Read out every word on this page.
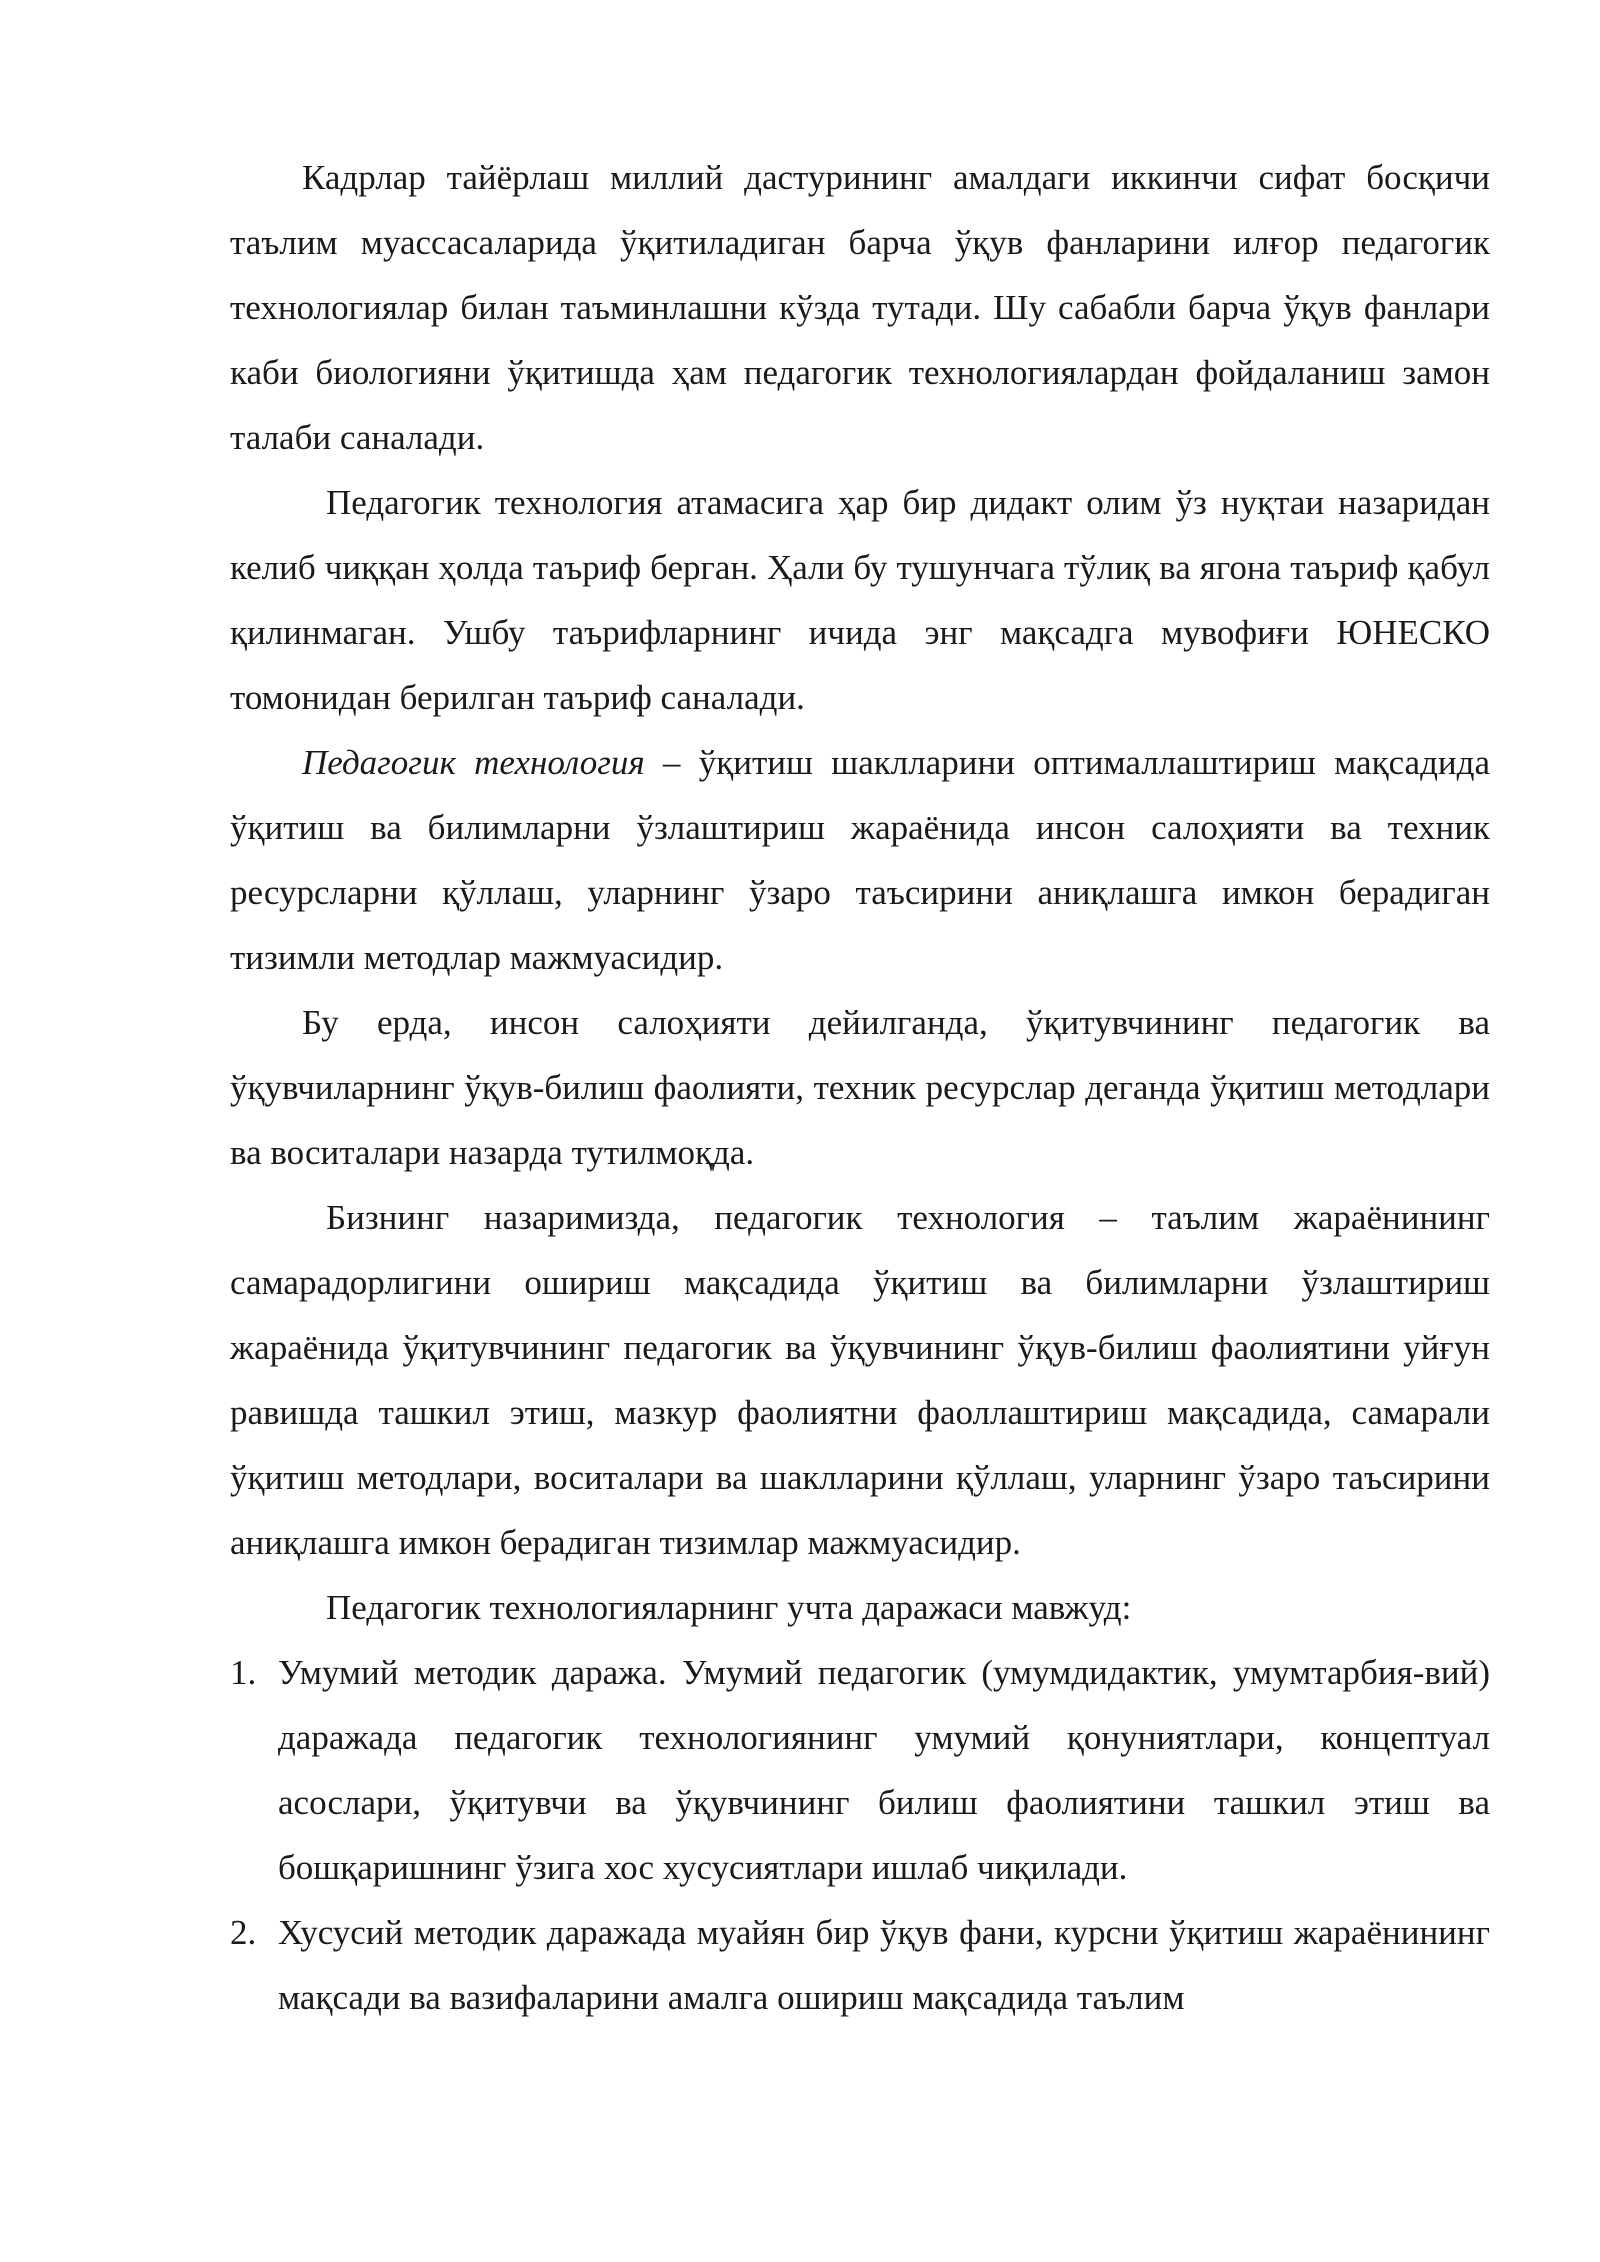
Кадрлар тайёрлаш миллий дастурининг амалдаги иккинчи сифат босқичи таълим муассасаларида ўқитиладиган барча ўқув фанларини илғор педагогик технологиялар билан таъминлашни кўзда тутади. Шу сабабли барча ўқув фанлари каби биологияни ўқитишда ҳам педагогик технологиялардан фойдаланиш замон талаби саналади.

Педагогик технология атамасига ҳар бир дидакт олим ўз нуқтаи назаридан келиб чиққан ҳолда таъриф берган. Ҳали бу тушунчага тўлиқ ва ягона таъриф қабул қилинмаган. Ушбу таърифларнинг ичида энг мақсадга мувофиғи ЮНЕСКО томонидан берилган таъриф саналади.

Педагогик технология – ўқитиш шаклларини оптималлаштириш мақсадида ўқитиш ва билимларни ўзлаштириш жараёнида инсон салоҳияти ва техник ресурсларни қўллаш, уларнинг ўзаро таъсирини аниқлашга имкон берадиган тизимли методлар мажмуасидир.

Бу ерда, инсон салоҳияти дейилганда, ўқитувчининг педагогик ва ўқувчиларнинг ўқув-билиш фаолияти, техник ресурслар деганда ўқитиш методлари ва воситалари назарда тутилмоқда.

Бизнинг назаримизда, педагогик технология – таълим жараёнининг самарадорлигини ошириш мақсадида ўқитиш ва билимларни ўзлаштириш жараёнида ўқитувчининг педагогик ва ўқувчининг ўқув-билиш фаолиятини уйғун равишда ташкил этиш, мазкур фаолиятни фаоллаштириш мақсадида, самарали ўқитиш методлари, воситалари ва шаклларини қўллаш, уларнинг ўзаро таъсирини аниқлашга имкон берадиган тизимлар мажмуасидир.

Педагогик технологияларнинг учта даражаси мавжуд:

1. Умумий методик даража. Умумий педагогик (умумдидактик, умумтарбия-вий) даражада педагогик технологиянинг умумий қонуниятлари, концептуал асослари, ўқитувчи ва ўқувчининг билиш фаолиятини ташкил этиш ва бошқаришнинг ўзига хос хусусиятлари ишлаб чиқилади.
2. Хусусий методик даражада муайян бир ўқув фани, курсни ўқитиш жараёнининг мақсади ва вазифаларини амалга ошириш мақсадида таълим
